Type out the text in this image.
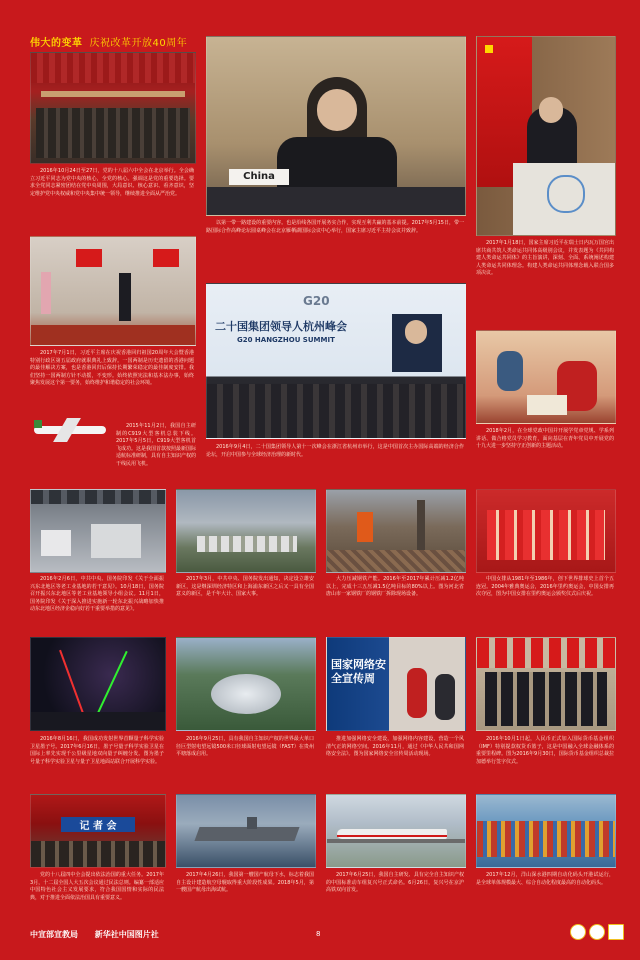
伟大的变革 庆祝改革开放40周年
2016年10月24日至27日，党的十八届六中全会在北京举行。全会确立习近平同志为党中央的核心，全党的核心。强调这是党的重要选择。要求全党同志紧密团结在党中央周围，大局意识、核心意识、看齐意识，坚定维护党中央权威和党中央集中统一领导，继续推进全面从严治党。
China
以第一带一路建设的重要内容。也是沿线各国开展务实合作，实现互利共赢的基本前提。2017年5月15日，带一路国际合作高峰论坛圆桌峰会在北京雁栖湖国际会议中心举行，国家主席习近平主持会议并致辞。
2017年1月18日，国家主席习近平在瑞士日内瓦万国宫出席共商共筑人类命运共同体高级别会议，并发表题为《共同构建人类命运共同体》的主旨演讲，深刻、全面、系统阐述构建人类命运共同体理念。构建人类命运共同体理念载入联合国多项决议。
2017年7月1日，习近平主席在庆祝香港回归祖国20周年大会暨香港特别行政区第五届政府就职典礼上致辞。一国两制是历史遗留的香港问题的最佳解决方案，也是香港回归后保持长期繁荣稳定的最佳制度安排。我们坚持一国两制方针不动摇，不变形。始终依照宪法和基本法办事，始终聚焦发展这个第一要务，始终维护和谐稳定的社会环境。
G20
二十国集团领导人杭州峰会
G20 HANGZHOU SUMMIT
2016年9月4日，二十国集团领导人第十一次峰会在浙江省杭州市举行，这是中国首次主办国际高端的经济合作论坛，开启中国参与全球经济治理的新时代。
2015年11月2日，我国自主研制的C919大型客机总装下线。2017年5月5日，C919大型客机首飞成功。这是我国首款按照最新国际适航标准研制，具有自主知识产权的干线民用飞机。
2018年2月，在全球党政中国并开展学党章党规、学系列讲话、做合格党员学习教育，面向基层在青年党员中开展党的十九大进一步坚持守正创新的主题活动。
2016年2月6日，中共中央、国务院印发《关于全面振兴东北地区等老工业基地的若干意见》。10月18日，国务院召开振兴东北地区等老工业基地领导小组会议。11月1日，国务院印发《关于深入推进实施新一轮东北振兴战略加快推动东北地区经济企稳向好若干重要举措的意见》。
2017年3月，中共中央、国务院发出通知，决定设立雄安新区，这是继深圳经济特区和上海浦东新区之后又一具有全国意义的新区，是千年大计、国家大事。
大力压减钢铁产能。2016年至2017年累计压减1.2亿吨以上，完成十三五压减1.5亿吨目标的80%以上。图为河北省唐山市一家钢铁厂的钢铁厂拆除现场设备。
中国女排从1981年至1986年，创下世界排球史上首个五连冠。2004年雅典奥运会，2016年里约奥运会，中国女排再次夺冠，图为中国女排在里约奥运会颁奖仪式后庆祝。
2016年8月16日，我国成功发射世界首颗量子科学实验卫星墨子号。2017年6月16日，墨子号量子科学实验卫星在国际上率先实现千公里级星地双向量子纠缠分发。图为墨子号量子科学实验卫星与量子卫星地面站联合开展科学实验。
2016年9月25日，具有我国自主知识产权的世界最大单口径巨型射电望远镜500米口径球面射电望远镜（FAST）在贵州平塘落成启用。
国家网络安全宣传周
推进加强网络安全建设，加强网络内容建设，营造一个风清气正的网络空间。2016年11月，通过《中华人民共和国网络安全法》。图为国家网络安全宣传周活动现场。
2016年10月1日起，人民币正式加入国际货币基金组织（IMF）特别提款权货币篮子，这是中国融入全球金融体系的重要里程碑。图为2016年9月30日，国际货币基金组织总裁拉加德举行签字仪式。
记 者 会
党的十八届四中全会提出依法治国的重大任务。2017年3月，十二届全国人大五次会议通过民法总则。编纂一部适应中国特色社会主义发展要求，符合我国国情和实际的民法典，对于推进全面依法治国具有重要意义。
2017年4月26日，我国第一艘国产航母下水，标志着我国自主设计建造航空母舰取得重大阶段性成果。2018年5月，第一艘国产航母出海试航。
2017年6月25日，我国自主研发、具有完全自主知识产权的中国标准动车组复兴号正式命名。6月26日，复兴号在京沪高铁双向首发。
2017年12月，洋山深水港四期自动化码头开港试运行，是全球单体规模最大、综合自动化程度最高的自动化码头。
中宣部宣教局 新华社中国图片社	8
